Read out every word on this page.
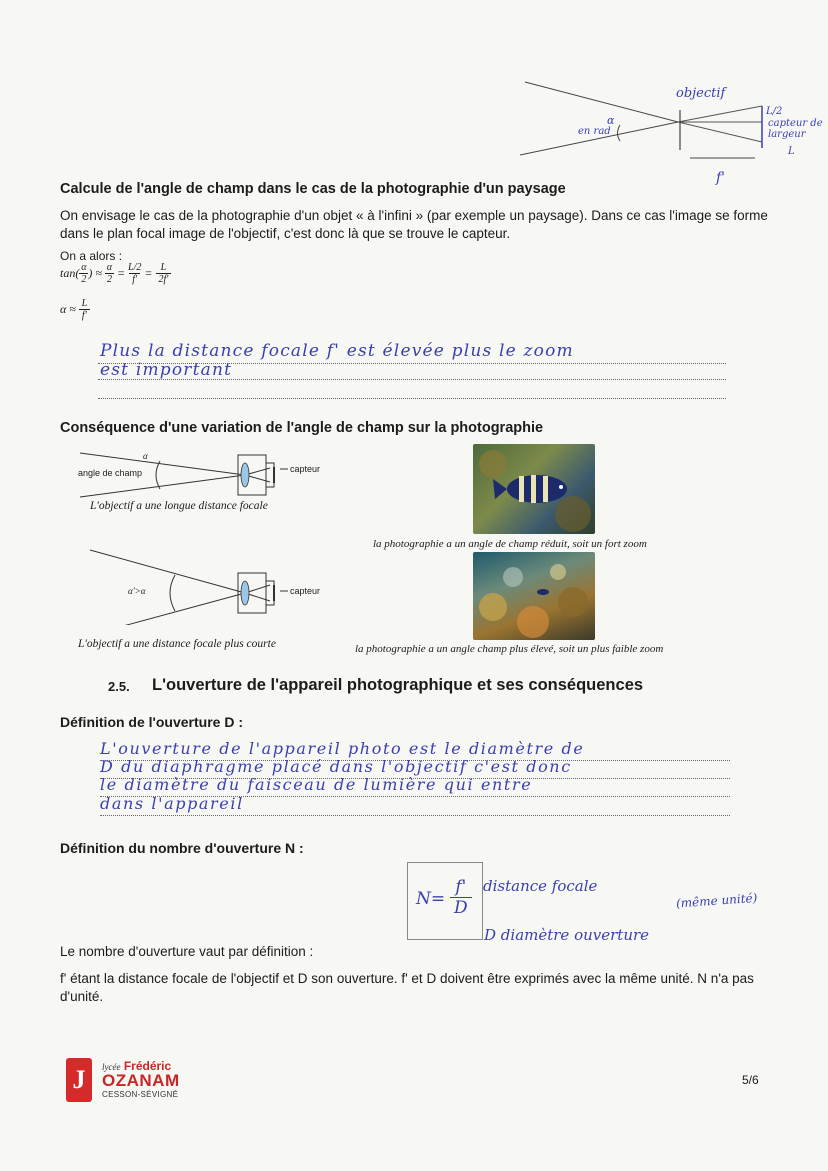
objectif
α
en rad
L/2
capteur de largeur
L
f'
Calcule de l'angle de champ dans le cas de la photographie d'un paysage
On envisage le cas de la photographie d'un objet « à l'infini » (par exemple un paysage). Dans ce cas l'image se forme dans le plan focal image de l'objectif, c'est donc là que se trouve le capteur.
On a alors :
$\tan( \frac{\alpha}{2}$ ) ≈ $\frac{\alpha}{2} = \frac{L/2}{f'} = \frac{L}{2f'}$
$\alpha \approx \frac{L}{f'}$
Plus la distance focale f' est élevée plus le zoom
est important
Conséquence d'une variation de l'angle de champ sur la photographie
α
angle de champ	capteur
L'objectif a une longue distance focale
α'>α	capteur
L'objectif a une distance focale plus courte
la photographie a un angle de champ réduit, soit un fort zoom
la photographie a un angle champ plus élevé, soit un plus faible zoom
2.5. L'ouverture de l'appareil photographique et ses conséquences
Définition de l'ouverture D :
L'ouverture de l'appareil photo est le diamètre de
D du diaphragme placé dans l'objectif c'est donc
le diamètre du faisceau de lumière qui entre
dans l'appareil
Définition du nombre d'ouverture N :
N=
f'
D
distance focale
D diamètre ouverture
(même unité)
Le nombre d'ouverture vaut par définition :
f' étant la distance focale de l'objectif et D son ouverture. f' et D doivent être exprimés avec la même unité. N n'a pas d'unité.
J	lycée Frédéric
OZANAM
CESSON-SÉVIGNÉ
5/6
